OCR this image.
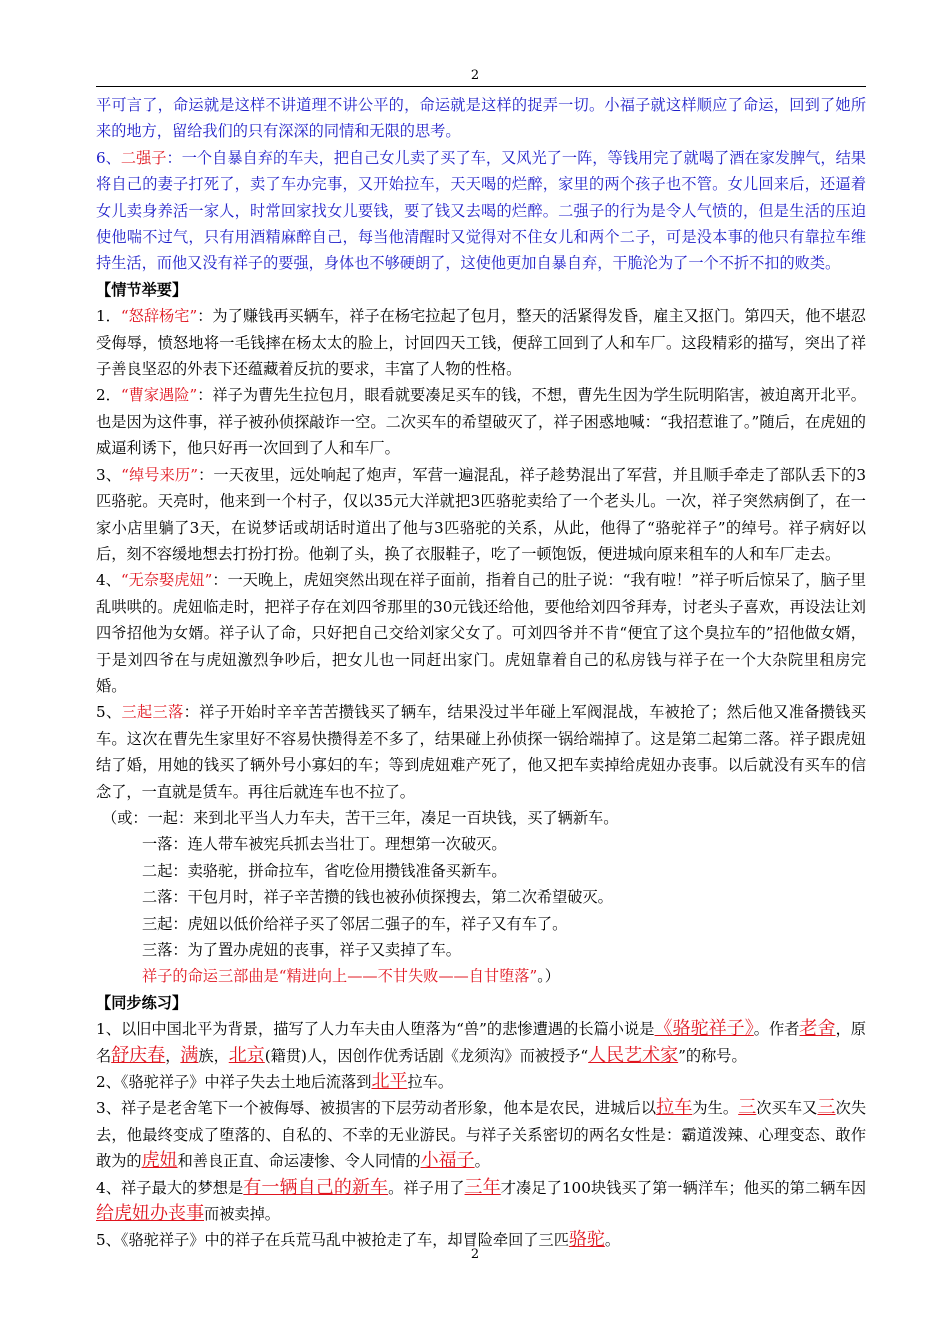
2

平可言了，命运就是这样不讲道理不讲公平的，命运就是这样的捉弄一切。小福子就这样顺应了命运，回到了她所来的地方，留给我们的只有深深的同情和无限的思考。

6、二强子：一个自暴自弃的车夫，把自己女儿卖了买了车，又风光了一阵，等钱用完了就喝了酒在家发脾气，结果将自己的妻子打死了，卖了车办完事，又开始拉车，天天喝的烂醉，家里的两个孩子也不管。女儿回来后，还逼着女儿卖身养活一家人，时常回家找女儿要钱，要了钱又去喝的烂醉。二强子的行为是令人气愤的，但是生活的压迫使他喘不过气，只有用酒精麻醉自己，每当他清醒时又觉得对不住女儿和两个二子，可是没本事的他只有靠拉车维持生活，而他又没有祥子的要强，身体也不够硬朗了，这使他更加自暴自弃，干脆沦为了一个不折不扣的败类。

【情节举要】

1．“怒辞杨宅”：为了赚钱再买辆车，祥子在杨宅拉起了包月，整天的活紧得发昏，雇主又抠门。第四天，他不堪忍受侮辱，愤怒地将一毛钱摔在杨太太的脸上，讨回四天工钱，便辞工回到了人和车厂。这段精彩的描写，突出了祥子善良坚忍的外表下还蕴藏着反抗的要求，丰富了人物的性格。

2．“曹家遇险”：祥子为曹先生拉包月，眼看就要凑足买车的钱，不想，曹先生因为学生阮明陷害，被迫离开北平。也是因为这件事，祥子被孙侦探敲诈一空。二次买车的希望破灭了，祥子困惑地喊：“我招惹谁了。”随后，在虎妞的威逼利诱下，他只好再一次回到了人和车厂。

3、“绰号来历”：一天夜里，远处响起了炮声，军营一遍混乱，祥子趁势混出了军营，并且顺手牵走了部队丢下的3匹骆驼。天亮时，他来到一个村子，仅以35元大洋就把3匹骆驼卖给了一个老头儿。一次，祥子突然病倒了，在一家小店里躺了3天，在说梦话或胡话时道出了他与3匹骆驼的关系，从此，他得了“骆驼祥子”的绰号。祥子病好以后，刻不容缓地想去打扮打扮。他剃了头，换了衣服鞋子，吃了一顿饱饭，便进城向原来租车的人和车厂走去。

4、“无奈娶虎妞”：一天晚上，虎妞突然出现在祥子面前，指着自己的肚子说：“我有啦！”祥子听后惊呆了，脑子里乱哄哄的。虎妞临走时，把祥子存在刘四爷那里的30元钱还给他，要他给刘四爷拜寿，讨老头子喜欢，再设法让刘四爷招他为女婿。祥子认了命，只好把自己交给刘家父女了。可刘四爷并不肯“便宜了这个臭拉车的”招他做女婿，于是刘四爷在与虎妞激烈争吵后，把女儿也一同赶出家门。虎妞靠着自己的私房钱与祥子在一个大杂院里租房完婚。

5、三起三落：祥子开始时辛辛苦苦攒钱买了辆车，结果没过半年碰上军阀混战，车被抢了；然后他又准备攒钱买车。这次在曹先生家里好不容易快攒得差不多了，结果碰上孙侦探一锅给端掉了。这是第二起第二落。祥子跟虎妞结了婚，用她的钱买了辆外号小寡妇的车；等到虎妞难产死了，他又把车卖掉给虎妞办丧事。以后就没有买车的信念了，一直就是赁车。再往后就连车也不拉了。

（或：一起：来到北平当人力车夫，苦干三年，凑足一百块钱，买了辆新车。

一落：连人带车被宪兵抓去当壮丁。理想第一次破灭。

二起：卖骆驼，拼命拉车，省吃俭用攒钱准备买新车。

二落：干包月时，祥子辛苦攒的钱也被孙侦探搜去，第二次希望破灭。

三起：虎妞以低价给祥子买了邻居二强子的车，祥子又有车了。

三落：为了置办虎妞的丧事，祥子又卖掉了车。

祥子的命运三部曲是“精进向上——不甘失败——自甘堕落”。）

【同步练习】

1、以旧中国北平为背景，描写了人力车夫由人堕落为“兽”的悲惨遭遇的长篇小说是《骆驼祥子》。作者老舍，原名舒庆春，满族，北京(籍贯)人，因创作优秀话剧《龙须沟》而被授予“人民艺术家”的称号。

2、《骆驼祥子》中祥子失去土地后流落到北平拉车。

3、祥子是老舍笔下一个被侮辱、被损害的下层劳动者形象，他本是农民，进城后以拉车为生。三次买车又三次失去，他最终变成了堕落的、自私的、不幸的无业游民。与祥子关系密切的两名女性是：霸道泼辣、心理变态、敢作敢为的虎妞和善良正直、命运凄惨、令人同情的小福子。

4、祥子最大的梦想是有一辆自己的新车。祥子用了三年才凑足了100块钱买了第一辆洋车；他买的第二辆车因给虎妞办丧事而被卖掉。

5、《骆驼祥子》中的祥子在兵荒马乱中被抢走了车，却冒险牵回了三匹骆驼。

2
